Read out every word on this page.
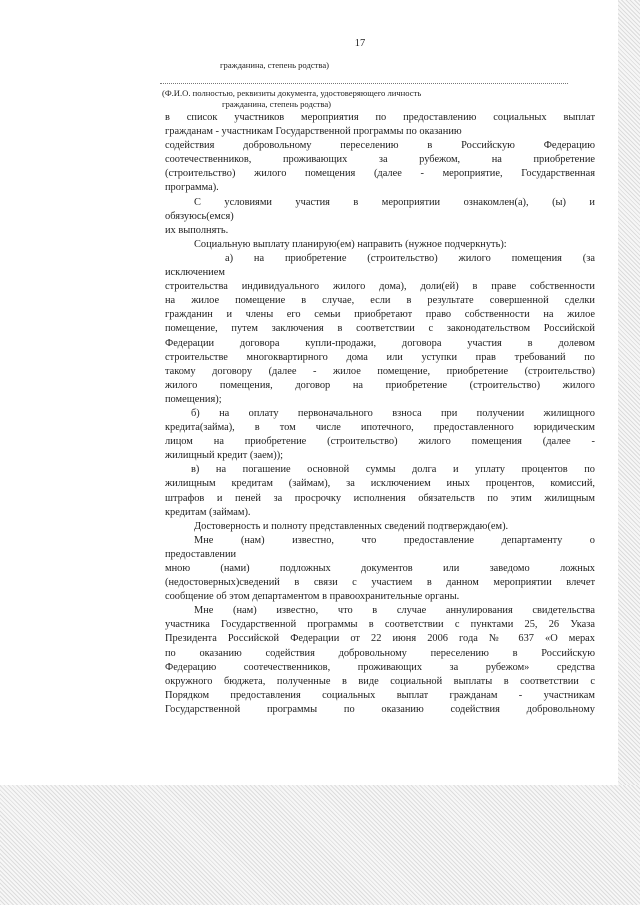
17
гражданина, степень родства)
(Ф.И.О. полностью, реквизиты документа, удостоверяющего личность
гражданина, степень родства)

в список участников мероприятия по предоставлению социальных выплат

гражданам - участникам Государственной программы по оказанию

содействия добровольному переселению в Российскую Федерацию

соотечественников, проживающих за рубежом, на приобретение

(строительство) жилого помещения (далее - мероприятие, Государственная

программа).

С условиями участия в мероприятии ознакомлен(а), (ы) и

обязуюсь(емся)

их выполнять.

Социальную выплату планирую(ем) направить (нужное подчеркнуть):

а) на приобретение (строительство) жилого помещения (за

исключением

строительства индивидуального жилого дома), доли(ей) в праве собственности

на жилое помещение в случае, если в результате совершенной сделки

гражданин и члены его семьи приобретают право собственности на жилое

помещение, путем заключения в соответствии с законодательством Российской

Федерации договора купли-продажи, договора участия в долевом

строительстве многоквартирного дома или уступки прав требований по

такому договору (далее - жилое помещение, приобретение (строительство)

жилого помещения, договор на приобретение (строительство) жилого

помещения);

б) на оплату первоначального взноса при получении жилищного

кредита(займа), в том числе ипотечного, предоставленного юридическим

лицом на приобретение (строительство) жилого помещения (далее -

жилищный кредит (заем));

в) на погашение основной суммы долга и уплату процентов по

жилищным кредитам (займам), за исключением иных процентов, комиссий,

штрафов и пеней за просрочку исполнения обязательств по этим жилищным

кредитам (займам).

Достоверность и полноту представленных сведений подтверждаю(ем).

Мне (нам) известно, что предоставление департаменту о

предоставлении

мною (нами) подложных документов или заведомо ложных

(недостоверных)сведений в связи с участием в данном мероприятии влечет

сообщение об этом департаментом в правоохранительные органы.

Мне (нам) известно, что в случае аннулирования свидетельства

участника Государственной программы в соответствии с пунктами 25, 26 Указа

Президента Российской Федерации от 22 июня 2006 года № 637 «О мерах

по оказанию содействия добровольному переселению в Российскую

Федерацию соотечественников, проживающих за рубежом» средства

окружного бюджета, полученные в виде социальной выплаты в соответствии с

Порядком предоставления социальных выплат гражданам - участникам

Государственной программы по оказанию содействия добровольному
